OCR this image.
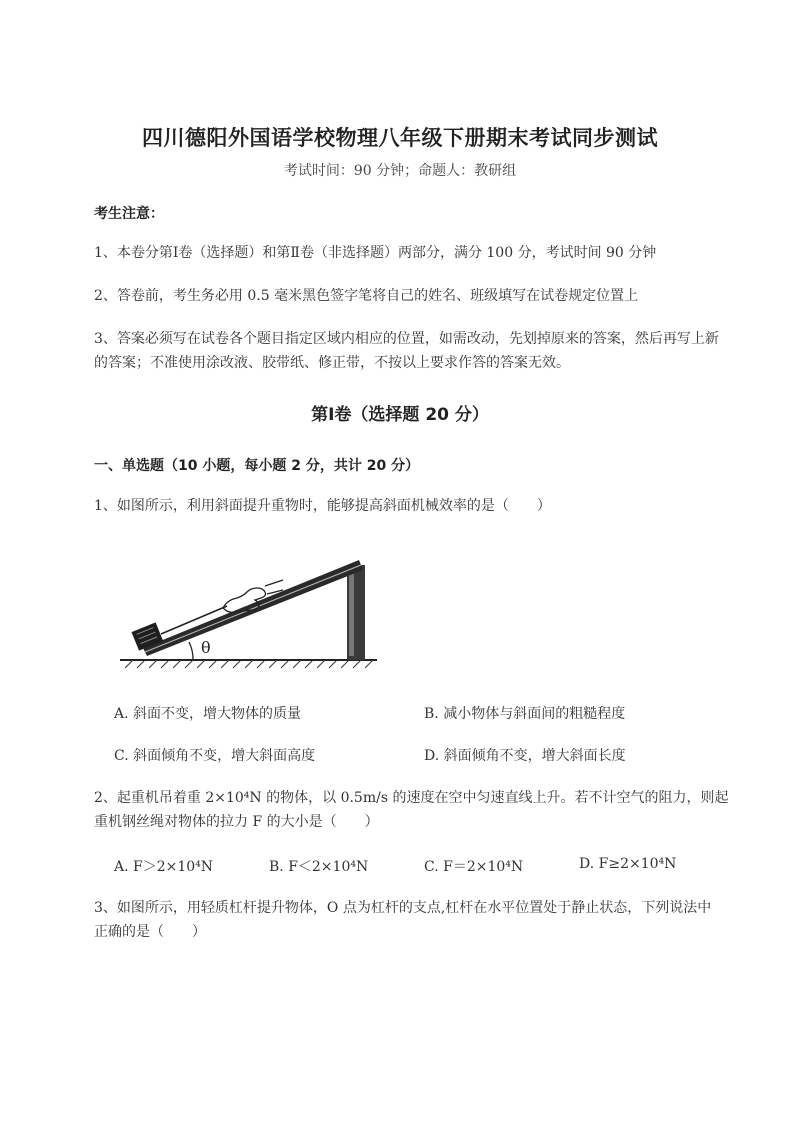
四川德阳外国语学校物理八年级下册期末考试同步测试
考试时间：90 分钟；命题人：教研组
考生注意：
1、本卷分第Ⅰ卷（选择题）和第Ⅱ卷（非选择题）两部分，满分 100 分，考试时间 90 分钟
2、答卷前，考生务必用 0.5 毫米黑色签字笔将自己的姓名、班级填写在试卷规定位置上
3、答案必须写在试卷各个题目指定区域内相应的位置，如需改动，先划掉原来的答案，然后再写上新
的答案；不准使用涂改液、胶带纸、修正带，不按以上要求作答的答案无效。
第Ⅰ卷（选择题 20 分）
一、单选题（10 小题，每小题 2 分，共计 20 分）
1、如图所示，利用斜面提升重物时，能够提高斜面机械效率的是（　　）
θ
A. 斜面不变，增大物体的质量	B. 减小物体与斜面间的粗糙程度
C. 斜面倾角不变，增大斜面高度	D. 斜面倾角不变，增大斜面长度
2、起重机吊着重 2×10⁴N 的物体，以 0.5m/s 的速度在空中匀速直线上升。若不计空气的阻力，则起
重机钢丝绳对物体的拉力 F 的大小是（　　）
A. F＞2×10⁴N	B. F＜2×10⁴N	C. F＝2×10⁴N	D. F≥2×10⁴N
3、如图所示，用轻质杠杆提升物体，O 点为杠杆的支点,杠杆在水平位置处于静止状态，下列说法中
正确的是（　　）
